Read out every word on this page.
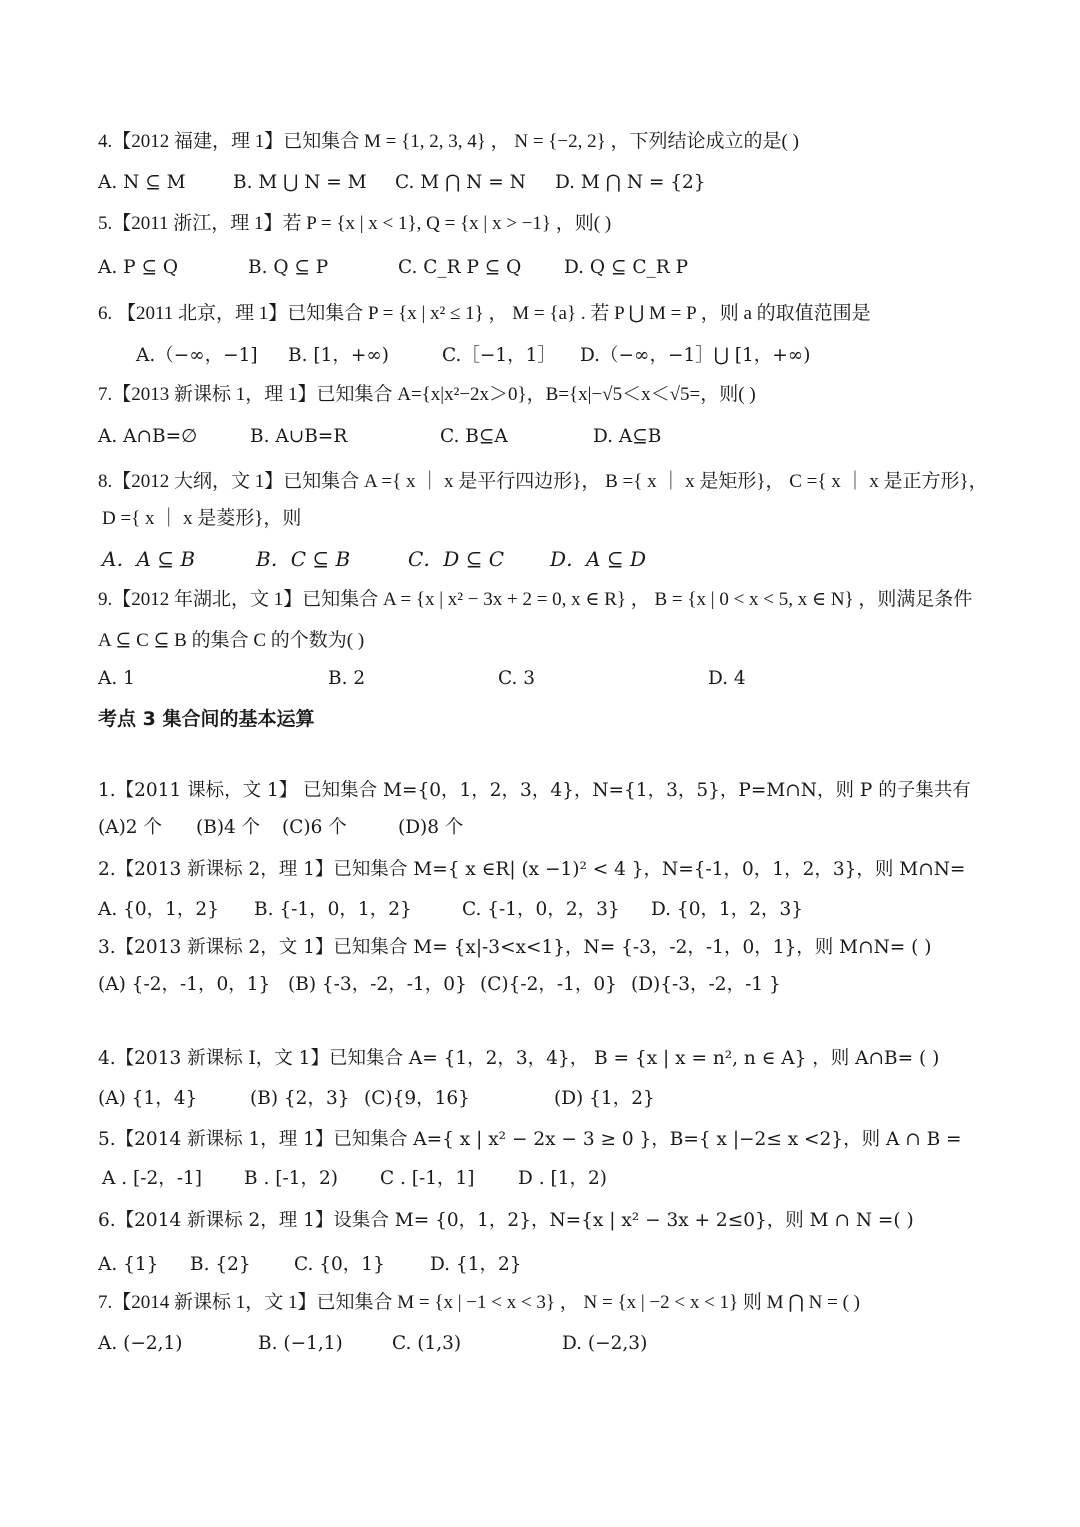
4.【2012 福建，理 1】已知集合 M = {1, 2, 3, 4} ， N = {−2, 2} ，下列结论成立的是( )
A. N ⊆ M	B. M ⋃ N = M C. M ⋂ N = N D. M ⋂ N = {2}
5.【2011 浙江，理 1】若 P = {x | x < 1}, Q = {x | x > −1} ，则( )
A. P ⊆ Q	B. Q ⊆ P	C. C_R P ⊆ Q D. Q ⊆ C_R P
6. 【2011 北京，理 1】已知集合 P = {x | x² ≤ 1} ， M = {a} . 若 P ⋃ M = P ，则 a 的取值范围是
A.（−∞，−1] B. [1，+∞)	C.［−1，1］ D.（−∞，−1］⋃ [1，+∞)
7.【2013 新课标 1，理 1】已知集合 A={x|x²−2x＞0}，B={x|−√5＜x＜√5=，则( )
A. A∩B=∅	B. A∪B=R	C. B⊆A	D. A⊆B
8.【2012 大纲，文 1】已知集合 A ={ x ｜ x 是平行四边形}， B ={ x ｜ x 是矩形}， C ={ x ｜ x 是正方形}，
D ={ x ｜ x 是菱形}，则
A．A ⊆ B	B．C ⊆ B	C．D ⊆ C D．A ⊆ D
9.【2012 年湖北，文 1】已知集合 A = {x | x² − 3x + 2 = 0, x ∈ R} ， B = {x | 0 < x < 5, x ∈ N} ，则满足条件
A ⊆ C ⊆ B 的集合 C 的个数为( )
A. 1	B. 2	C. 3	D. 4
考点 3 集合间的基本运算
1.【2011 课标，文 1】 已知集合 M={0，1，2，3，4}，N={1，3，5}，P=M∩N，则 P 的子集共有
(A)2 个 (B)4 个 (C)6 个	(D)8 个
2.【2013 新课标 2，理 1】已知集合 M={ x ∈R| (x −1)² < 4 }，N={-1，0，1，2，3}，则 M∩N=
A. {0，1，2} B. {-1，0，1，2}	C. {-1，0，2，3} D. {0，1，2，3}
3.【2013 新课标 2，文 1】已知集合 M= {x|-3<x<1}，N= {-3，-2，-1，0，1}，则 M∩N= ( )
(A) {-2，-1，0，1} (B) {-3，-2，-1，0} (C){-2，-1，0} (D){-3，-2，-1 }
4.【2013 新课标 I，文 1】已知集合 A= {1，2，3，4}， B = {x | x = n², n ∈ A} ，则 A∩B= ( )
(A) {1，4}	(B) {2，3} (C){9，16}	(D) {1，2}
5.【2014 新课标 1，理 1】已知集合 A={ x | x² − 2x − 3 ≥ 0 }，B={ x |−2≤ x <2}，则 A ∩ B =
A . [-2，-1] B . [-1，2) C . [-1，1] D . [1，2)
6.【2014 新课标 2，理 1】设集合 M= {0，1，2}，N={x | x² − 3x + 2≤0}，则 M ∩ N =( )
A. {1} B. {2} C. {0，1} D. {1，2}
7.【2014 新课标 1，文 1】已知集合 M = {x | −1 < x < 3} ， N = {x | −2 < x < 1} 则 M ⋂ N = ( )
A. (−2,1)	B. (−1,1)	C. (1,3)	D. (−2,3)
